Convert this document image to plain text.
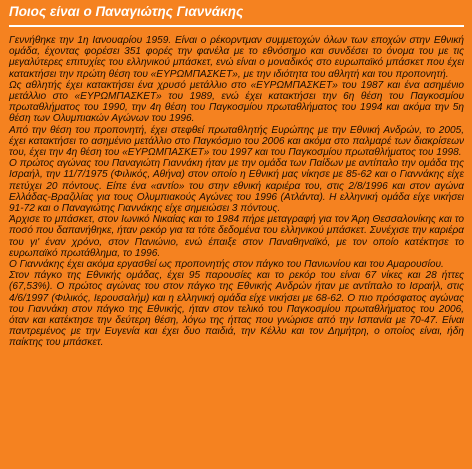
Ποιος είναι ο Παναγιώτης Γιαννάκης

Γεννήθηκε την 1η Ιανουαρίου 1959. Είναι ο ρέκορντμαν συμμετοχών όλων των εποχών στην Εθνική ομάδα, έχοντας φορέσει 351 φορές την φανέλα με το εθνόσημο και συνδέσει το όνομα του με τις μεγαλύτερες επιτυχίες του ελληνικού μπάσκετ, ενώ είναι ο μοναδικός στο ευρωπαϊκό μπάσκετ που έχει κατακτήσει την πρώτη θέση του «ΕΥΡΩΜΠΑΣΚΕΤ», με την ιδιότητα του αθλητή και του προπονητή.

Ως αθλητής έχει κατακτήσει ένα χρυσό μετάλλιο στο «ΕΥΡΩΜΠΑΣΚΕΤ» του 1987 και ένα ασημένιο μετάλλιο στο «ΕΥΡΩΜΠΑΣΚΕΤ» του 1989, ενώ έχει κατακτήσει την 6η θέση του Παγκοσμίου πρωταθλήματος του 1990, την 4η θέση του Παγκοσμίου πρωταθλήματος του 1994 και ακόμα την 5η θέση των Ολυμπιακών Αγώνων του 1996.

Από την θέση του προπονητή, έχει στεφθεί πρωταθλητής Ευρώπης με την Εθνική Ανδρών, το 2005, έχει κατακτήσει το ασημένιο μετάλλιο στο Παγκόσμιο του 2006 και ακόμα στο παλμαρέ των διακρίσεων του, έχει την 4η θέση του «ΕΥΡΩΜΠΑΣΚΕΤ» του 1997 και του Παγκοσμίου πρωταθλήματος του 1998.

Ο πρώτος αγώνας του Παναγιώτη Γιαννάκη ήταν με την ομάδα των Παίδων με αντίπαλο την ομάδα της Ισραήλ, την 11/7/1975 (Φιλικός, Αθήνα) στον οποίο η Εθνική μας νίκησε με 85-62 και ο Γιαννάκης είχε πετύχει 20 πόντους. Είπε ένα «αντίο» του στην εθνική καριέρα του, στις 2/8/1996 και στον αγώνα Ελλάδας-Βραζιλίας για τους Ολυμπιακούς Αγώνες του 1996 (Ατλάντα). Η ελληνική ομάδα είχε νικήσει 91-72 και ο Παναγιώτης Γιαννάκης είχε σημειώσει 3 πόντους.

Άρχισε το μπάσκετ, στον Ιωνικό Νικαίας και το 1984 πήρε μεταγραφή για τον Άρη Θεσσαλονίκης και το ποσό που δαπανήθηκε, ήταν ρεκόρ για τα τότε δεδομένα του ελληνικού μπάσκετ. Συνέχισε την καριέρα του γι' έναν χρόνο, στον Πανιώνιο, ενώ έπαιξε στον Παναθηναϊκό, με τον οποίο κατέκτησε το ευρωπαϊκό πρωτάθλημα, το 1996.

Ο Γιαννάκης έχει ακόμα εργασθεί ως προπονητής στον πάγκο του Πανιωνίου και του Αμαρουσίου.

Στον πάγκο της Εθνικής ομάδας, έχει 95 παρουσίες και το ρεκόρ του είναι 67 νίκες και 28 ήττες (67,53%). Ο πρώτος αγώνας του στον πάγκο της Εθνικής Ανδρών ήταν με αντίπαλο το Ισραήλ, στις 4/6/1997 (Φιλικός, Ιερουσαλήμ) και η ελληνική ομάδα είχε νικήσει με 68-62. Ο πιο πρόσφατος αγώνας του Γιαννάκη στον πάγκο της Εθνικής, ήταν στον τελικό του Παγκοσμίου πρωταθλήματος του 2006, όταν και κατέκτησε την δεύτερη θέση, λόγω της ήττας που γνώρισε από την Ισπανία με 70-47. Είναι παντρεμένος με την Ευγενία και έχει δυο παιδιά, την Κέλλυ και τον Δημήτρη, ο οποίος είναι, ήδη παίκτης του μπάσκετ.
